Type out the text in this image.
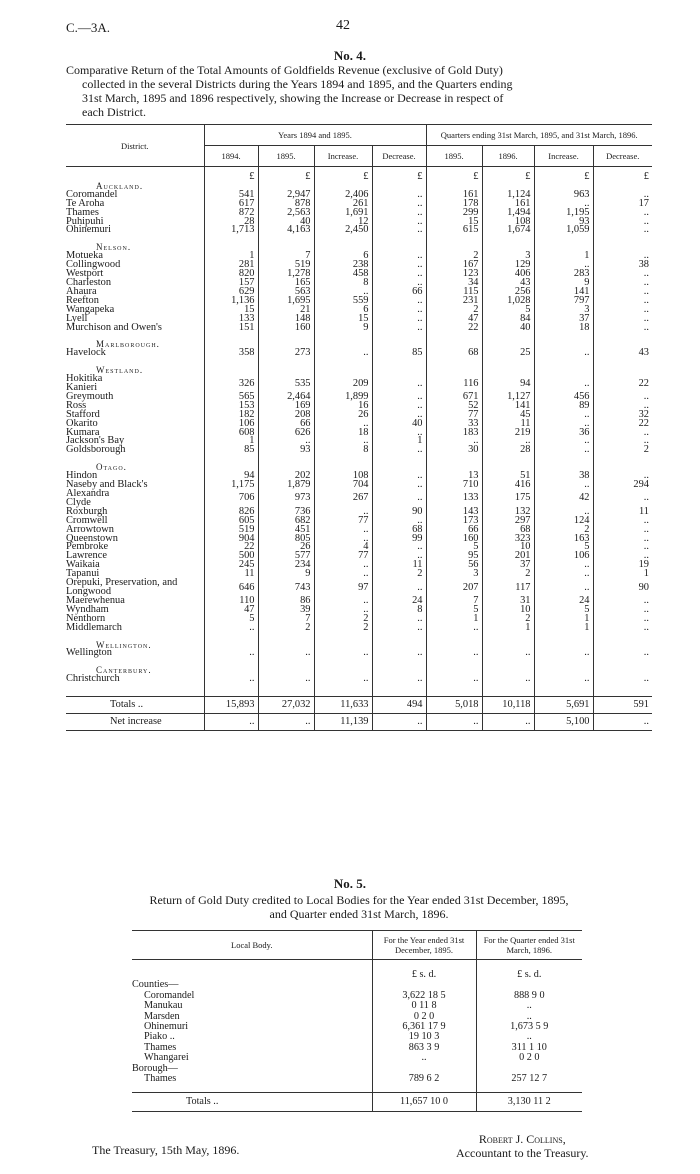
C.—3A.	42
No. 4.
Comparative Return of the Total Amounts of Goldfields Revenue (exclusive of Gold Duty)
collected in the several Districts during the Years 1894 and 1895, and the Quarters ending
31st March, 1895 and 1896 respectively, showing the Increase or Decrease in respect of
each District.
District.	Years 1894 and 1895.				Quarters ending 31st March, 1895, and 31st March, 1896.			
	1894.	1895.	Increase.	Decrease.	1895.	1896.	Increase.	Decrease.
	£	£	£	£	£	£	£	£
Auckland.								
Coromandel	541	2,947	2,406	..	161	1,124	963	..
Te Aroha	617	878	261	..	178	161	..	17
Thames	872	2,563	1,691	..	299	1,494	1,195	..
Puhipuhi	28	40	12	..	15	108	93	..
Ohinemuri	1,713	4,163	2,450	..	615	1,674	1,059	..

Nelson.								
Motueka	1	7	6	..	2	3	1	..
Collingwood	281	519	238	..	167	129	..	38
Westport	820	1,278	458	..	123	406	283	..
Charleston	157	165	8	..	34	43	9	..
Ahaura	629	563	..	66	115	256	141	..
Reefton	1,136	1,695	559	..	231	1,028	797	..
Wangapeka	15	21	6	..	2	5	3	..
Lyell	133	148	15	..	47	84	37	..
Murchison and Owen's	151	160	9	..	22	40	18	..

Marlborough.								
Havelock	358	273	..	85	68	25	..	43

Westland.								
Hokitika
Kanieri	326	535	209	..	116	94	..	22
Greymouth	565	2,464	1,899	..	671	1,127	456	..
Ross	153	169	16	..	52	141	89	..
Stafford	182	208	26	..	77	45	..	32
Okarito	106	66	..	40	33	11	..	22
Kumara	608	626	18	..	183	219	36	..
Jackson's Bay	1	..	..	1	..	..	..	..
Goldsborough	85	93	8	..	30	28	..	2

Otago.								
Hindon	94	202	108	..	13	51	38	..
Naseby and Black's	1,175	1,879	704	..	710	416	..	294
Alexandra
Clyde	706	973	267	..	133	175	42	..
Roxburgh	826	736	..	90	143	132	..	11
Cromwell	605	682	77	..	173	297	124	..
Arrowtown	519	451	..	68	66	68	2	..
Queenstown	904	805	..	99	160	323	163	..
Pembroke	22	26	4	..	5	10	5	..
Lawrence	500	577	77	..	95	201	106	..
Waikaia	245	234	..	11	56	37	..	19
Tapanui	11	9	..	2	3	2	..	1
Orepuki, Preservation, and
Longwood	646	743	97	..	207	117	..	90
Maerewhenua	110	86	..	24	7	31	24	..
Wyndham	47	39	..	8	5	10	5	..
Nenthorn	5	7	2	..	1	2	1	..
Middlemarch	..	2	2	..	..	1	1	..

Wellington.								
Wellington	..	..	..	..	..	..	..	..

Canterbury.								
Christchurch	..	..	..	..	..	..	..	..

Totals ..	15,893	27,032	11,633	494	5,018	10,118	5,691	591
Net increase	..	..	11,139	..	..	..	5,100	..
No. 5.
Return of Gold Duty credited to Local Bodies for the Year ended 31st December, 1895,
and Quarter ended 31st March, 1896.
Local Body.	For the Year ended 31st December, 1895.	For the Quarter ended 31st March, 1896.
	£ s. d.	£ s. d.
Counties—		
Coromandel	3,622 18 5	888 9 0
Manukau	0 11 8	..
Marsden	0 2 0	..
Ohinemuri	6,361 17 9	1,673 5 9
Piako ..	19 10 3	..
Thames	863 3 9	311 1 10
Whangarei	..	0 2 0
Borough—		
Thames	789 6 2	257 12 7

Totals ..	11,657 10 0	3,130 11 2
The Treasury, 15th May, 1896.
Robert J. Collins,
Accountant to the Treasury.
